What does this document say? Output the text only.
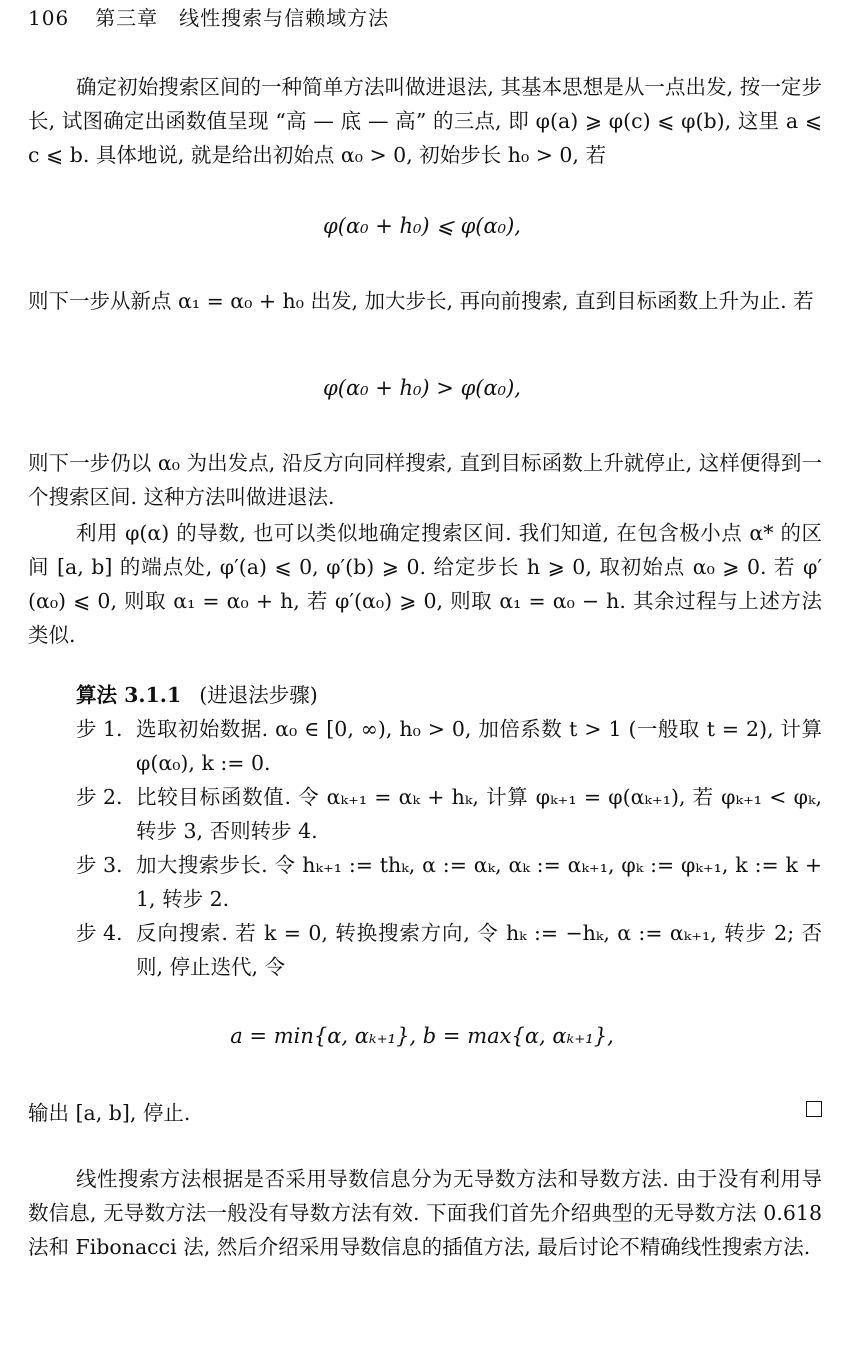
106 第三章　线性搜索与信赖域方法
确定初始搜索区间的一种简单方法叫做进退法, 其基本思想是从一点出发, 按一定步长, 试图确定出函数值呈现 “高 — 底 — 高” 的三点, 即 φ(a) ⩾ φ(c) ⩽ φ(b), 这里 a ⩽ c ⩽ b. 具体地说, 就是给出初始点 α₀ > 0, 初始步长 h₀ > 0, 若
φ(α₀ + h₀) ⩽ φ(α₀),
则下一步从新点 α₁ = α₀ + h₀ 出发, 加大步长, 再向前搜索, 直到目标函数上升为止. 若
φ(α₀ + h₀) > φ(α₀),
则下一步仍以 α₀ 为出发点, 沿反方向同样搜索, 直到目标函数上升就停止, 这样便得到一个搜索区间. 这种方法叫做进退法.
利用 φ(α) 的导数, 也可以类似地确定搜索区间. 我们知道, 在包含极小点 α* 的区间 [a, b] 的端点处, φ′(a) ⩽ 0, φ′(b) ⩾ 0. 给定步长 h ⩾ 0, 取初始点 α₀ ⩾ 0. 若 φ′(α₀) ⩽ 0, 则取 α₁ = α₀ + h, 若 φ′(α₀) ⩾ 0, 则取 α₁ = α₀ − h. 其余过程与上述方法类似.
算法 3.1.1 (进退法步骤)
步 1. 选取初始数据. α₀ ∈ [0, ∞), h₀ > 0, 加倍系数 t > 1 (一般取 t = 2), 计算 φ(α₀), k := 0.
步 2. 比较目标函数值. 令 αₖ₊₁ = αₖ + hₖ, 计算 φₖ₊₁ = φ(αₖ₊₁), 若 φₖ₊₁ < φₖ, 转步 3, 否则转步 4.
步 3. 加大搜索步长. 令 hₖ₊₁ := thₖ, α := αₖ, αₖ := αₖ₊₁, φₖ := φₖ₊₁, k := k + 1, 转步 2.
步 4. 反向搜索. 若 k = 0, 转换搜索方向, 令 hₖ := −hₖ, α := αₖ₊₁, 转步 2; 否则, 停止迭代, 令
a = min{α, αₖ₊₁}, b = max{α, αₖ₊₁},
输出 [a, b], 停止.
线性搜索方法根据是否采用导数信息分为无导数方法和导数方法. 由于没有利用导数信息, 无导数方法一般没有导数方法有效. 下面我们首先介绍典型的无导数方法 0.618 法和 Fibonacci 法, 然后介绍采用导数信息的插值方法, 最后讨论不精确线性搜索方法.
